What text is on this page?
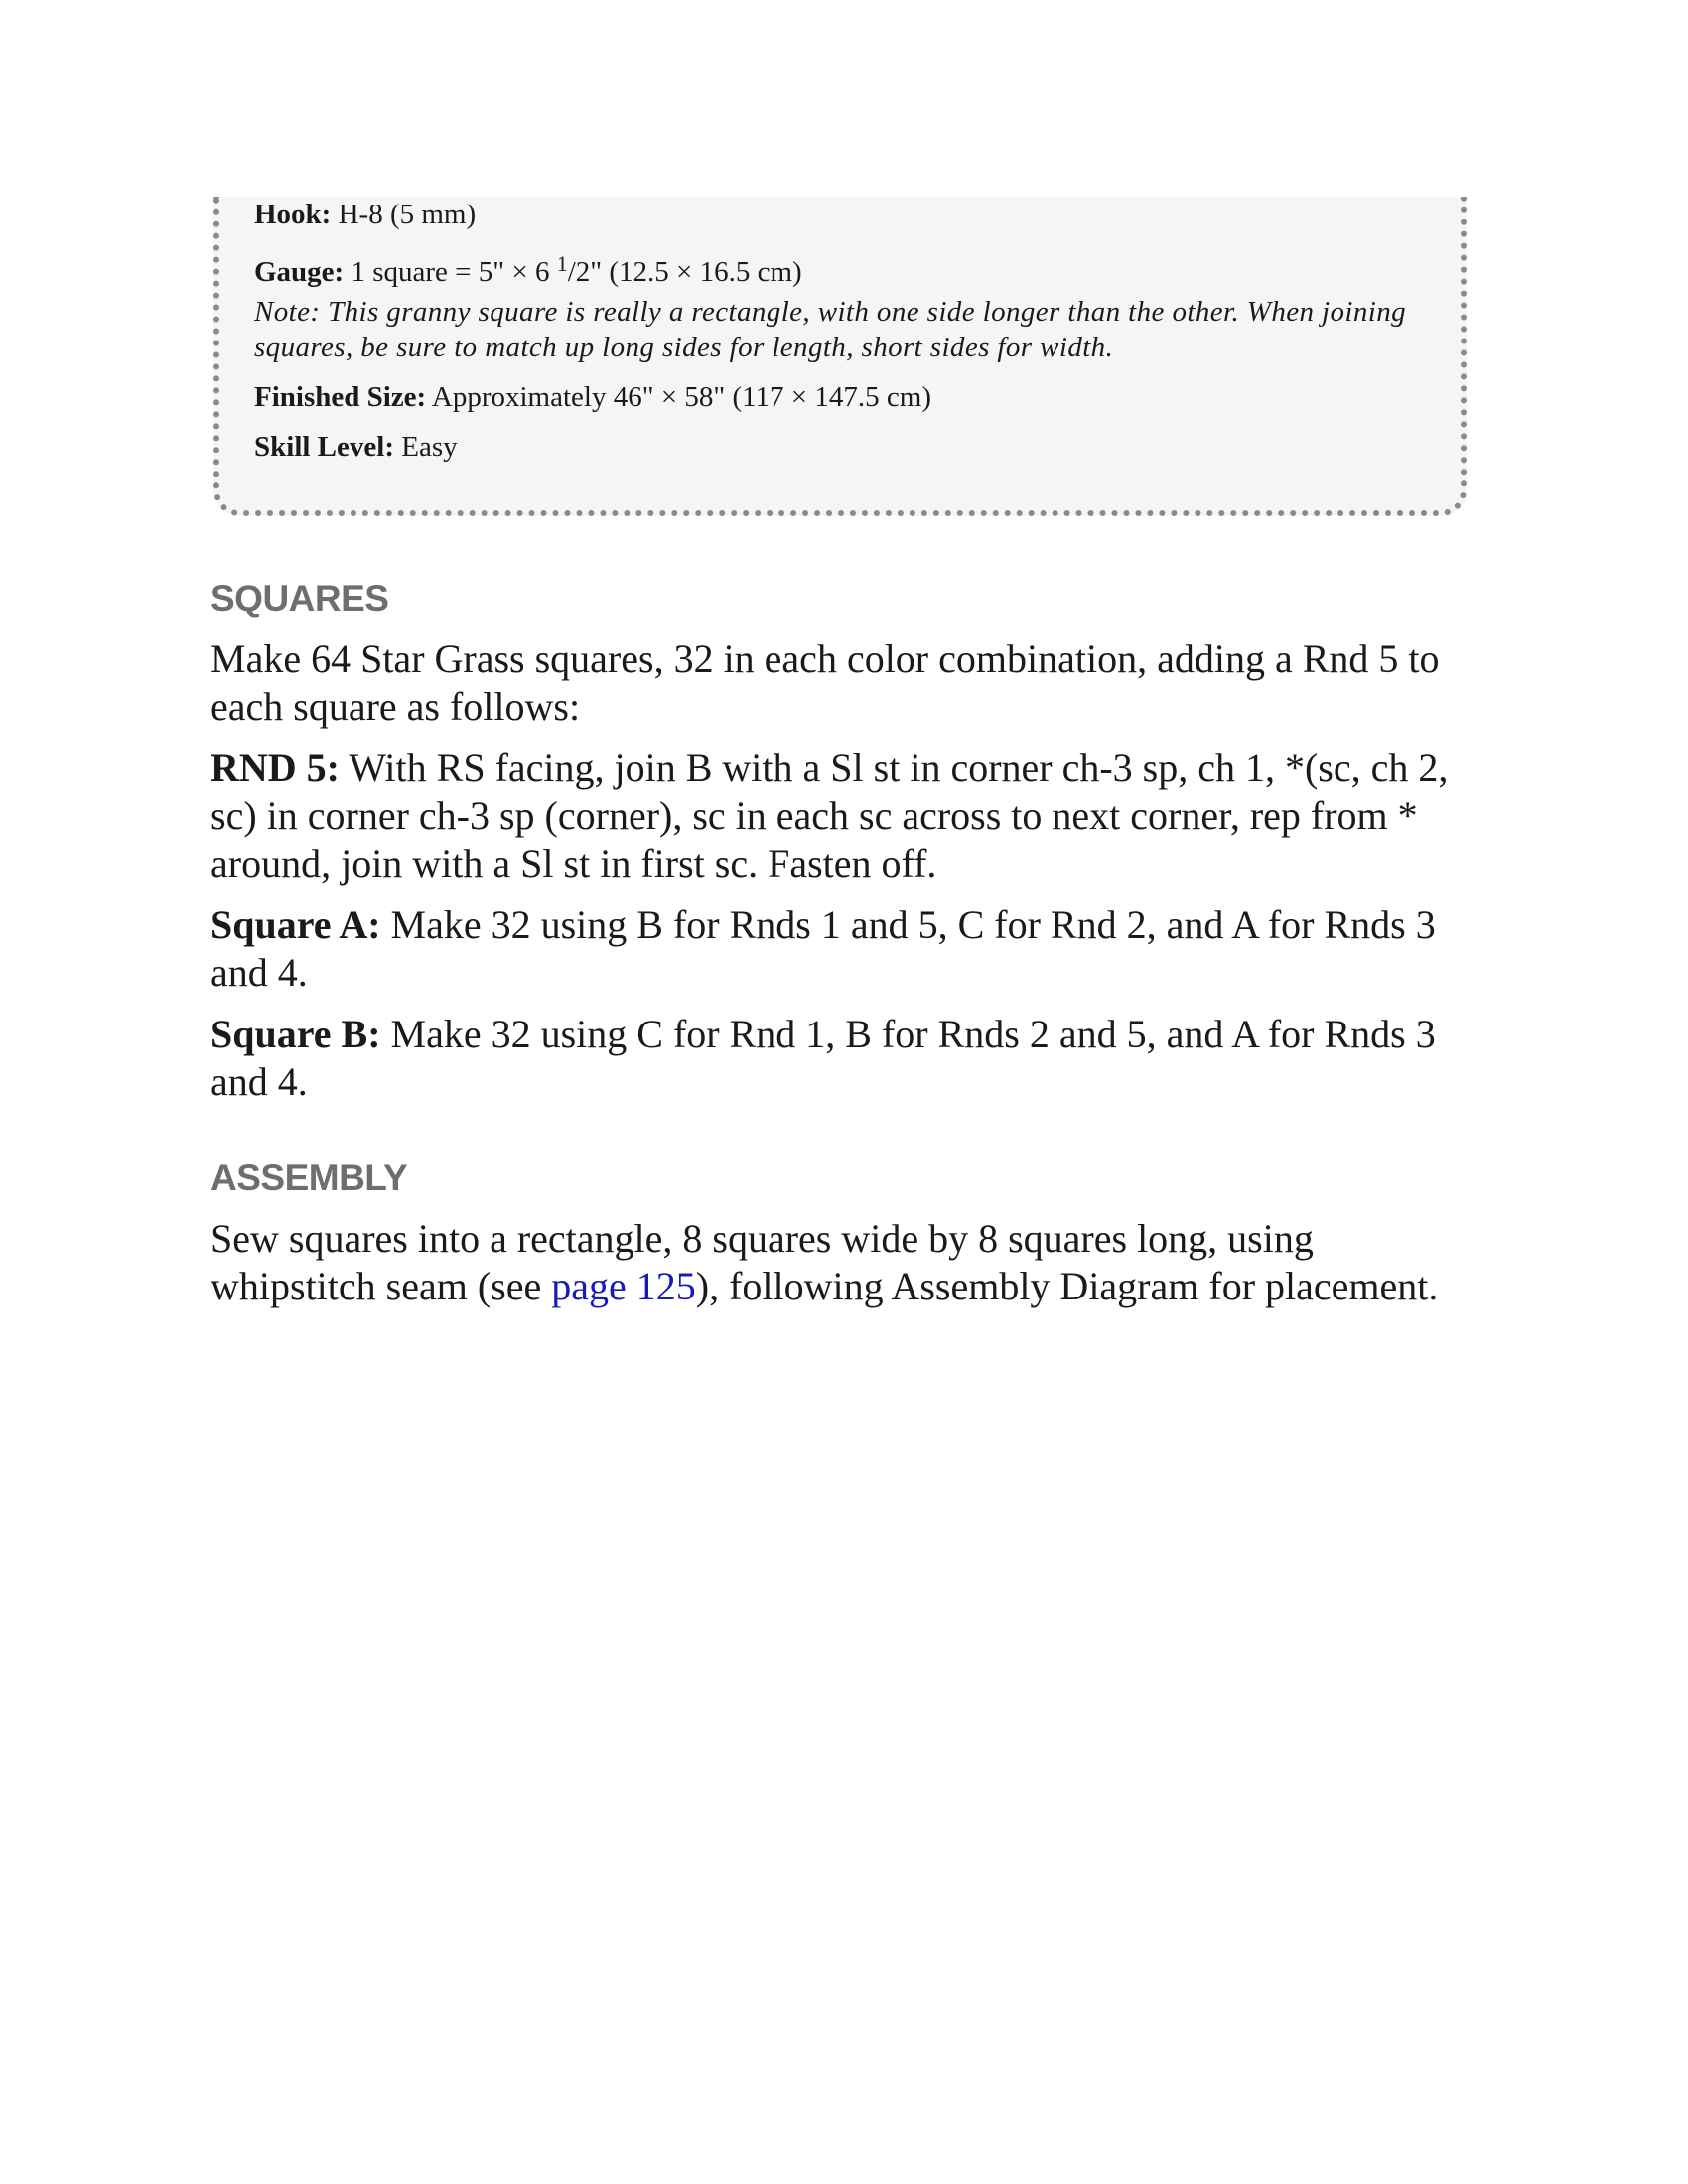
Hook: H-8 (5 mm)
Gauge: 1 square = 5" × 6 $^1$/2" (12.5 × 16.5 cm)
Note: This granny square is really a rectangle, with one side longer than the other. When joining squares, be sure to match up long sides for length, short sides for width.
Finished Size: Approximately 46" × 58" (117 × 147.5 cm)
Skill Level: Easy
SQUARES
Make 64 Star Grass squares, 32 in each color combination, adding a Rnd 5 to each square as follows:
RND 5: With RS facing, join B with a Sl st in corner ch-3 sp, ch 1, *(sc, ch 2, sc) in corner ch-3 sp (corner), sc in each sc across to next corner, rep from * around, join with a Sl st in first sc. Fasten off.
Square A: Make 32 using B for Rnds 1 and 5, C for Rnd 2, and A for Rnds 3 and 4.
Square B: Make 32 using C for Rnd 1, B for Rnds 2 and 5, and A for Rnds 3 and 4.
ASSEMBLY
Sew squares into a rectangle, 8 squares wide by 8 squares long, using whipstitch seam (see page 125), following Assembly Diagram for placement.
